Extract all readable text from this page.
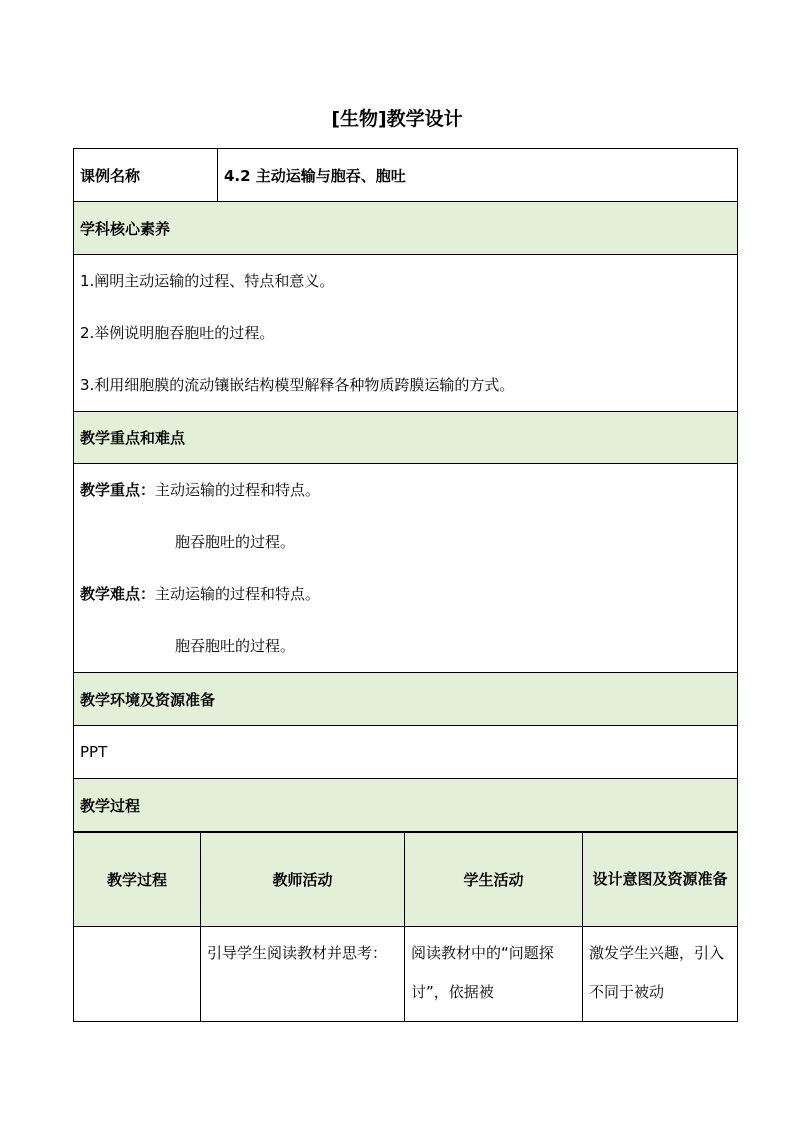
[生物]教学设计
课例名称	4.2 主动运输与胞吞、胞吐
学科核心素养

1.阐明主动运输的过程、特点和意义。
2.举例说明胞吞胞吐的过程。
3.利用细胞膜的流动镶嵌结构模型解释各种物质跨膜运输的方式。

教学重点和难点

教学重点：主动运输的过程和特点。
胞吞胞吐的过程。
教学难点：主动运输的过程和特点。
胞吞胞吐的过程。

教学环境及资源准备
PPT
教学过程
教学过程	教师活动	学生活动	设计意图及资源准备
	引导学生阅读教材并思考：	阅读教材中的“问题探讨”，依据被	激发学生兴趣，引入不同于被动
